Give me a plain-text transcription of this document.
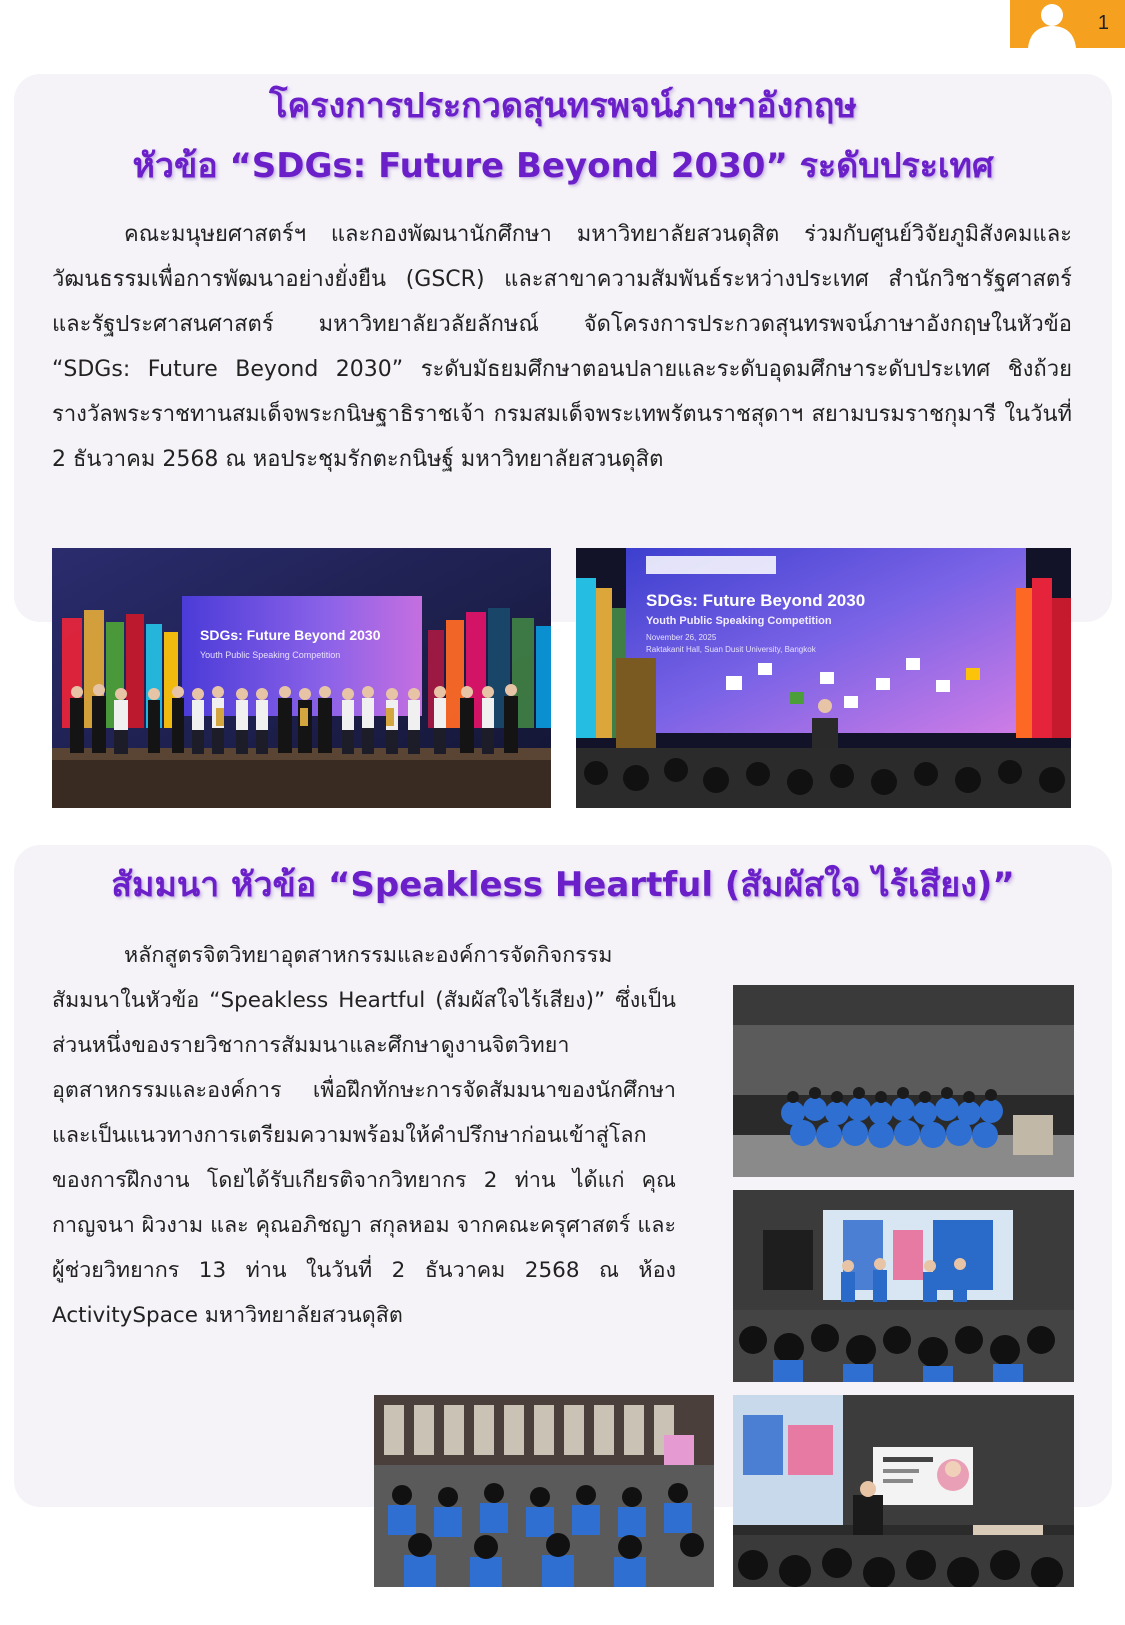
1
โครงการประกวดสุนทรพจน์ภาษาอังกฤษ
หัวข้อ “SDGs: Future Beyond 2030” ระดับประเทศ
คณะมนุษยศาสตร์ฯ และกองพัฒนานักศึกษา มหาวิทยาลัยสวนดุสิต ร่วมกับศูนย์วิจัยภูมิสังคมและวัฒนธรรมเพื่อการพัฒนาอย่างยั่งยืน (GSCR) และสาขาความสัมพันธ์ระหว่างประเทศ สำนักวิชารัฐศาสตร์และรัฐประศาสนศาสตร์ มหาวิทยาลัยวลัยลักษณ์ จัดโครงการประกวดสุนทรพจน์ภาษาอังกฤษในหัวข้อ “SDGs: Future Beyond 2030” ระดับมัธยมศึกษาตอนปลายและระดับอุดมศึกษาระดับประเทศ ชิงถ้วยรางวัลพระราชทานสมเด็จพระกนิษฐาธิราชเจ้า กรมสมเด็จพระเทพรัตนราชสุดาฯ สยามบรมราชกุมารี ในวันที่ 2 ธันวาคม 2568 ณ หอประชุมรักตะกนิษฐ์ มหาวิทยาลัยสวนดุสิต
SDGs: Future Beyond 2030
Youth Public Speaking Competition
SDGs: Future Beyond 2030
Youth Public Speaking Competition
November 26, 2025
Raktakanit Hall, Suan Dusit University, Bangkok
สัมมนา หัวข้อ “Speakless Heartful (สัมผัสใจ ไร้เสียง)”
หลักสูตรจิตวิทยาอุตสาหกรรมและองค์การจัดกิจกรรมสัมมนาในหัวข้อ “Speakless Heartful (สัมผัสใจไร้เสียง)” ซึ่งเป็นส่วนหนึ่งของรายวิชาการสัมมนาและศึกษาดูงานจิตวิทยาอุตสาหกรรมและองค์การ เพื่อฝึกทักษะการจัดสัมมนาของนักศึกษา และเป็นแนวทางการเตรียมความพร้อมให้คำปรึกษาก่อนเข้าสู่โลกของการฝึกงาน โดยได้รับเกียรติจากวิทยากร 2 ท่าน ได้แก่ คุณกาญจนา ผิวงาม และ คุณอภิชญา สกุลหอม จากคณะครุศาสตร์ และผู้ช่วยวิทยากร 13 ท่าน ในวันที่ 2 ธันวาคม 2568 ณ ห้อง ActivitySpace มหาวิทยาลัยสวนดุสิต
